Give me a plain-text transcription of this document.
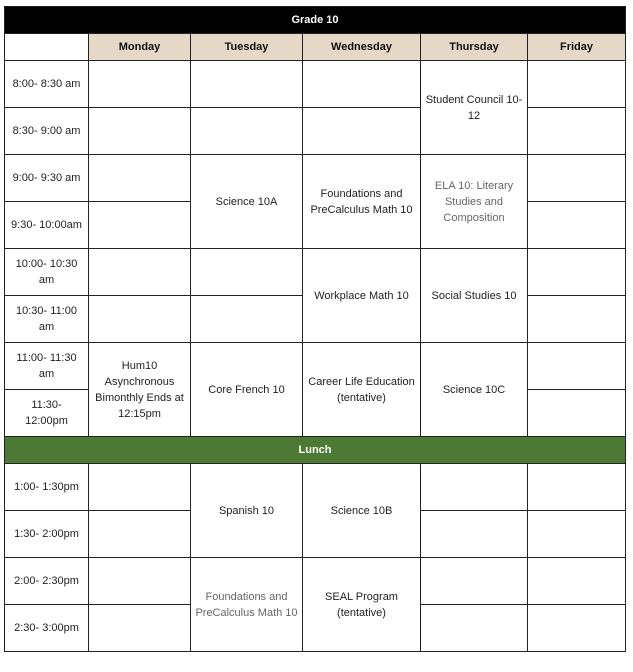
Grade 10					
	Monday	Tuesday	Wednesday	Thursday	Friday
8:00- 8:30 am				Student Council 10-12	
8:30- 9:00 am					
9:00- 9:30 am		Science 10A	Foundations and PreCalculus Math 10	ELA 10: Literary Studies and Composition	
9:30- 10:00am					
10:00- 10:30 am			Workplace Math 10	Social Studies 10	
10:30- 11:00 am					
11:00- 11:30 am	Hum10 Asynchronous Bimonthly Ends at 12:15pm	Core French 10	Career Life Education (tentative)	Science 10C	
11:30- 12:00pm					
Lunch					
1:00- 1:30pm		Spanish 10	Science 10B		
1:30- 2:00pm					
2:00- 2:30pm		Foundations and PreCalculus Math 10	SEAL Program (tentative)		
2:30- 3:00pm					
